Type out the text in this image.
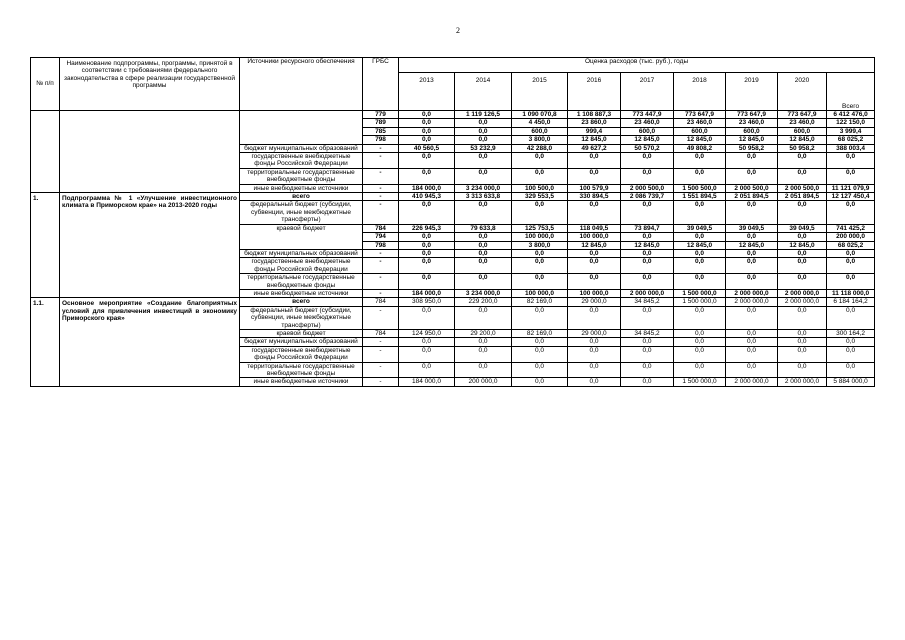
2
№ п/п	Наименование подпрограммы, программы, принятой в соответствии с требованиями федерального законодательства в сфере реализации государственной программы	Источники ресурсного обеспечения	ГРБС	Оценка расходов (тыс. руб.), годы								
				2013	2014	2015	2016	2017	2018	2019	2020	Всего
			779	0,0	1 119 126,5	1 090 070,8	1 108 887,3	773 447,9	773 647,9	773 647,9	773 647,9	6 412 476,0
			789	0,0	0,0	4 450,0	23 860,0	23 460,0	23 460,0	23 460,0	23 460,0	122 150,0
			785	0,0	0,0	600,0	999,4	600,0	600,0	600,0	600,0	3 999,4
			798	0,0	0,0	3 800,0	12 845,0	12 845,0	12 845,0	12 845,0	12 845,0	68 025,2
		бюджет муниципальных образований	-	40 560,5	53 232,9	42 288,0	49 627,2	50 570,2	49 808,2	50 958,2	50 958,2	388 003,4
		государственные внебюджетные фонды Российской Федерации	-	0,0	0,0	0,0	0,0	0,0	0,0	0,0	0,0	0,0
		территориальные государственные внебюджетные фонды	-	0,0	0,0	0,0	0,0	0,0	0,0	0,0	0,0	0,0
		иные внебюджетные источники	-	184 000,0	3 234 000,0	100 500,0	100 579,9	2 000 500,0	1 500 500,0	2 000 500,0	2 000 500,0	11 121 079,9
1.	Подпрограмма № 1 «Улучшение инвестиционного климата в Приморском крае» на 2013-2020 годы	всего	-	410 945,3	3 313 633,8	329 553,5	330 894,5	2 086 739,7	1 551 894,5	2 051 894,5	2 051 894,5	12 127 450,4
		федеральный бюджет (субсидии, субвенции, иные межбюджетные трансферты)	-	0,0	0,0	0,0	0,0	0,0	0,0	0,0	0,0	0,0
		краевой бюджет	784	226 945,3	79 633,8	125 753,5	118 049,5	73 894,7	39 049,5	39 049,5	39 049,5	741 425,2
			794	0,0	0,0	100 000,0	100 000,0	0,0	0,0	0,0	0,0	200 000,0
			798	0,0	0,0	3 800,0	12 845,0	12 845,0	12 845,0	12 845,0	12 845,0	68 025,2
		бюджет муниципальных образований	-	0,0	0,0	0,0	0,0	0,0	0,0	0,0	0,0	0,0
		государственные внебюджетные фонды Российской Федерации	-	0,0	0,0	0,0	0,0	0,0	0,0	0,0	0,0	0,0
		территориальные государственные внебюджетные фонды	-	0,0	0,0	0,0	0,0	0,0	0,0	0,0	0,0	0,0
		иные внебюджетные источники	-	184 000,0	3 234 000,0	100 000,0	100 000,0	2 000 000,0	1 500 000,0	2 000 000,0	2 000 000,0	11 118 000,0
1.1.	Основное мероприятие «Создание благоприятных условий для привлечения инвестиций в экономику Приморского края»	всего	784	308 950,0	229 200,0	82 169,0	29 000,0	34 845,2	1 500 000,0	2 000 000,0	2 000 000,0	6 184 164,2
		федеральный бюджет (субсидии, субвенции, иные межбюджетные трансферты)	-	0,0	0,0	0,0	0,0	0,0	0,0	0,0	0,0	0,0
		краевой бюджет	784	124 950,0	29 200,0	82 169,0	29 000,0	34 845,2	0,0	0,0	0,0	300 164,2
		бюджет муниципальных образований	-	0,0	0,0	0,0	0,0	0,0	0,0	0,0	0,0	0,0
		государственные внебюджетные фонды Российской Федерации	-	0,0	0,0	0,0	0,0	0,0	0,0	0,0	0,0	0,0
		территориальные государственные внебюджетные фонды	-	0,0	0,0	0,0	0,0	0,0	0,0	0,0	0,0	0,0
		иные внебюджетные источники	-	184 000,0	200 000,0	0,0	0,0	0,0	1 500 000,0	2 000 000,0	2 000 000,0	5 884 000,0
